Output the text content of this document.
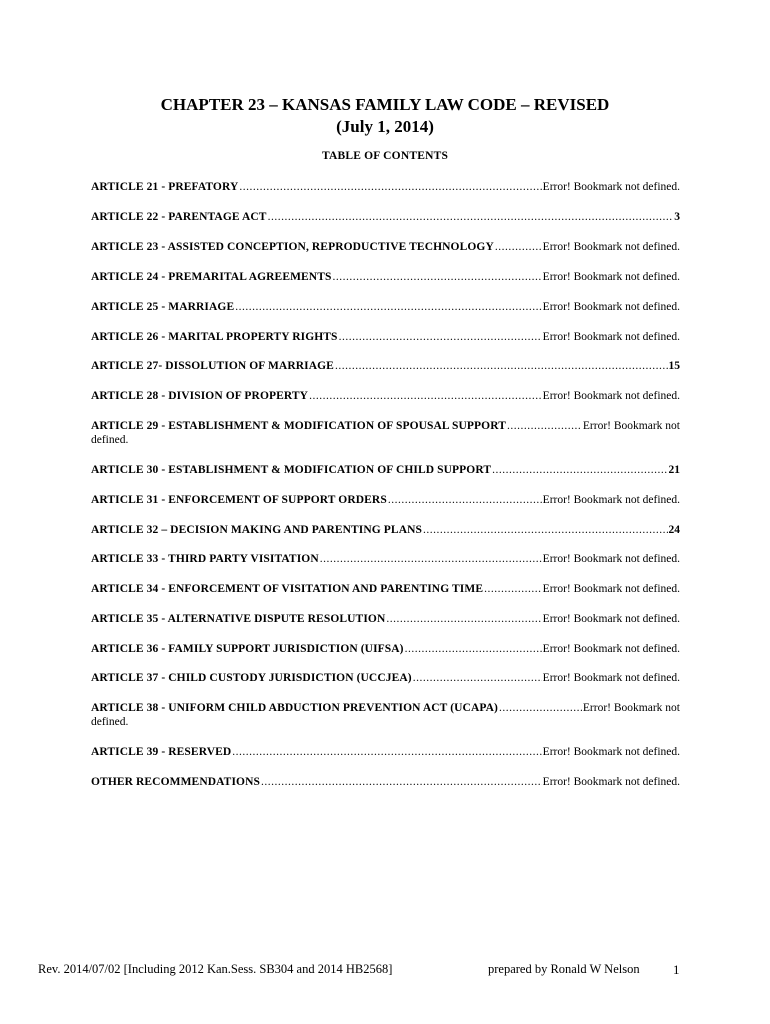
CHAPTER 23 – KANSAS FAMILY LAW CODE – REVISED
(July 1, 2014)
TABLE OF CONTENTS
ARTICLE 21 - PREFATORY .....	Error! Bookmark not defined.
ARTICLE 22 - PARENTAGE ACT .....	3
ARTICLE 23 - ASSISTED CONCEPTION, REPRODUCTIVE TECHNOLOGY .....	Error! Bookmark not defined.
ARTICLE 24 - PREMARITAL AGREEMENTS .....	Error! Bookmark not defined.
ARTICLE 25 - MARRIAGE .....	Error! Bookmark not defined.
ARTICLE 26 - MARITAL PROPERTY RIGHTS .....	Error! Bookmark not defined.
ARTICLE 27- DISSOLUTION OF MARRIAGE .....	15
ARTICLE 28 - DIVISION OF PROPERTY .....	Error! Bookmark not defined.
ARTICLE 29 - ESTABLISHMENT & MODIFICATION OF SPOUSAL SUPPORT .....	Error! Bookmark not
defined.
ARTICLE 30 - ESTABLISHMENT & MODIFICATION OF CHILD SUPPORT .....	21
ARTICLE 31 - ENFORCEMENT OF SUPPORT ORDERS .....	Error! Bookmark not defined.
ARTICLE 32 – DECISION MAKING AND PARENTING PLANS .....	24
ARTICLE 33 - THIRD PARTY VISITATION .....	Error! Bookmark not defined.
ARTICLE 34 - ENFORCEMENT OF VISITATION AND PARENTING TIME .....	Error! Bookmark not defined.
ARTICLE 35 - ALTERNATIVE DISPUTE RESOLUTION .....	Error! Bookmark not defined.
ARTICLE 36 - FAMILY SUPPORT JURISDICTION (UIFSA) .....	Error! Bookmark not defined.
ARTICLE 37 - CHILD CUSTODY JURISDICTION (UCCJEA) .....	Error! Bookmark not defined.
ARTICLE 38 - UNIFORM CHILD ABDUCTION PREVENTION ACT (UCAPA) .....	Error! Bookmark not
defined.
ARTICLE 39 - RESERVED .....	Error! Bookmark not defined.
OTHER RECOMMENDATIONS .....	Error! Bookmark not defined.
Rev. 2014/07/02 [Including 2012 Kan.Sess. SB304 and 2014 HB2568]	prepared by Ronald W Nelson	1
